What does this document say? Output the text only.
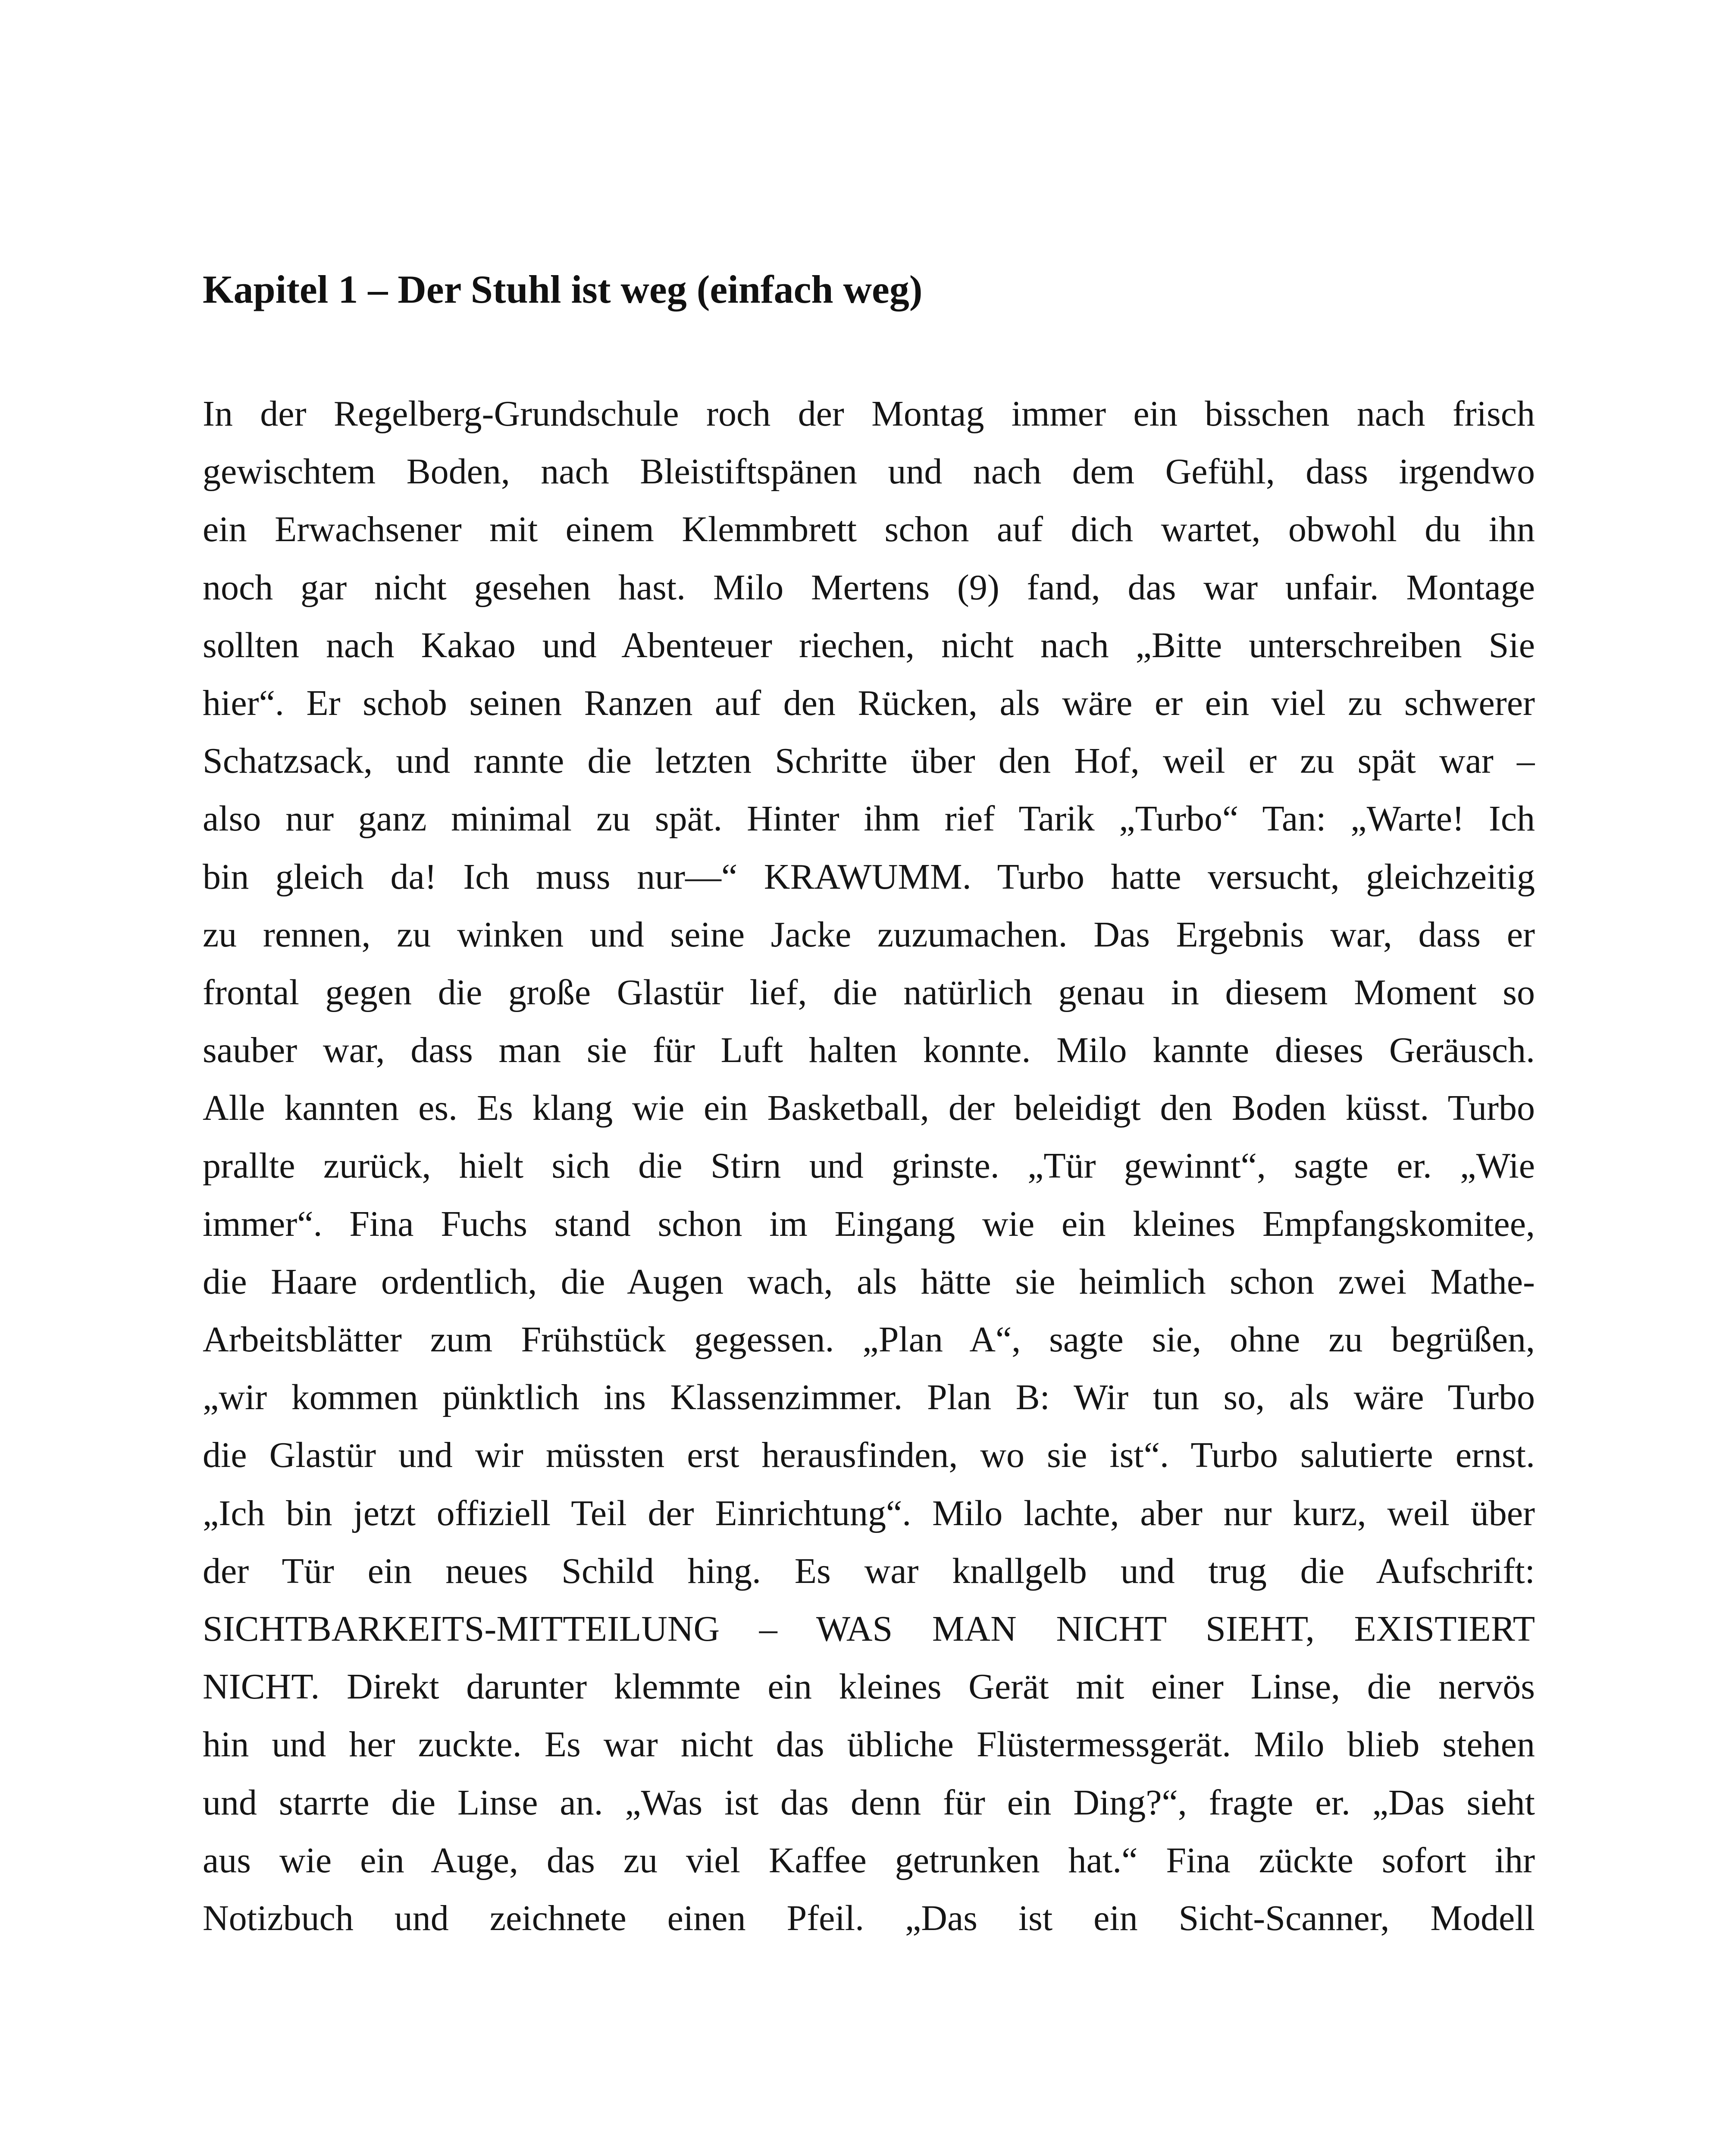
Kapitel 1 – Der Stuhl ist weg (einfach weg)
In der Regelberg-Grundschule roch der Montag immer ein bisschen nach frisch
gewischtem Boden, nach Bleistiftspänen und nach dem Gefühl, dass irgendwo
ein Erwachsener mit einem Klemmbrett schon auf dich wartet, obwohl du ihn
noch gar nicht gesehen hast. Milo Mertens (9) fand, das war unfair. Montage
sollten nach Kakao und Abenteuer riechen, nicht nach „Bitte unterschreiben Sie
hier“. Er schob seinen Ranzen auf den Rücken, als wäre er ein viel zu schwerer
Schatzsack, und rannte die letzten Schritte über den Hof, weil er zu spät war –
also nur ganz minimal zu spät. Hinter ihm rief Tarik „Turbo“ Tan: „Warte! Ich
bin gleich da! Ich muss nur—“ KRAWUMM. Turbo hatte versucht, gleichzeitig
zu rennen, zu winken und seine Jacke zuzumachen. Das Ergebnis war, dass er
frontal gegen die große Glastür lief, die natürlich genau in diesem Moment so
sauber war, dass man sie für Luft halten konnte. Milo kannte dieses Geräusch.
Alle kannten es. Es klang wie ein Basketball, der beleidigt den Boden küsst. Turbo
prallte zurück, hielt sich die Stirn und grinste. „Tür gewinnt“, sagte er. „Wie
immer“. Fina Fuchs stand schon im Eingang wie ein kleines Empfangskomitee,
die Haare ordentlich, die Augen wach, als hätte sie heimlich schon zwei Mathe-
Arbeitsblätter zum Frühstück gegessen. „Plan A“, sagte sie, ohne zu begrüßen,
„wir kommen pünktlich ins Klassenzimmer. Plan B: Wir tun so, als wäre Turbo
die Glastür und wir müssten erst herausfinden, wo sie ist“. Turbo salutierte ernst.
„Ich bin jetzt offiziell Teil der Einrichtung“. Milo lachte, aber nur kurz, weil über
der Tür ein neues Schild hing. Es war knallgelb und trug die Aufschrift:
SICHTBARKEITS-MITTEILUNG – WAS MAN NICHT SIEHT, EXISTIERT
NICHT. Direkt darunter klemmte ein kleines Gerät mit einer Linse, die nervös
hin und her zuckte. Es war nicht das übliche Flüstermessgerät. Milo blieb stehen
und starrte die Linse an. „Was ist das denn für ein Ding?“, fragte er. „Das sieht
aus wie ein Auge, das zu viel Kaffee getrunken hat.“ Fina zückte sofort ihr
Notizbuch und zeichnete einen Pfeil. „Das ist ein Sicht-Scanner, Modell
